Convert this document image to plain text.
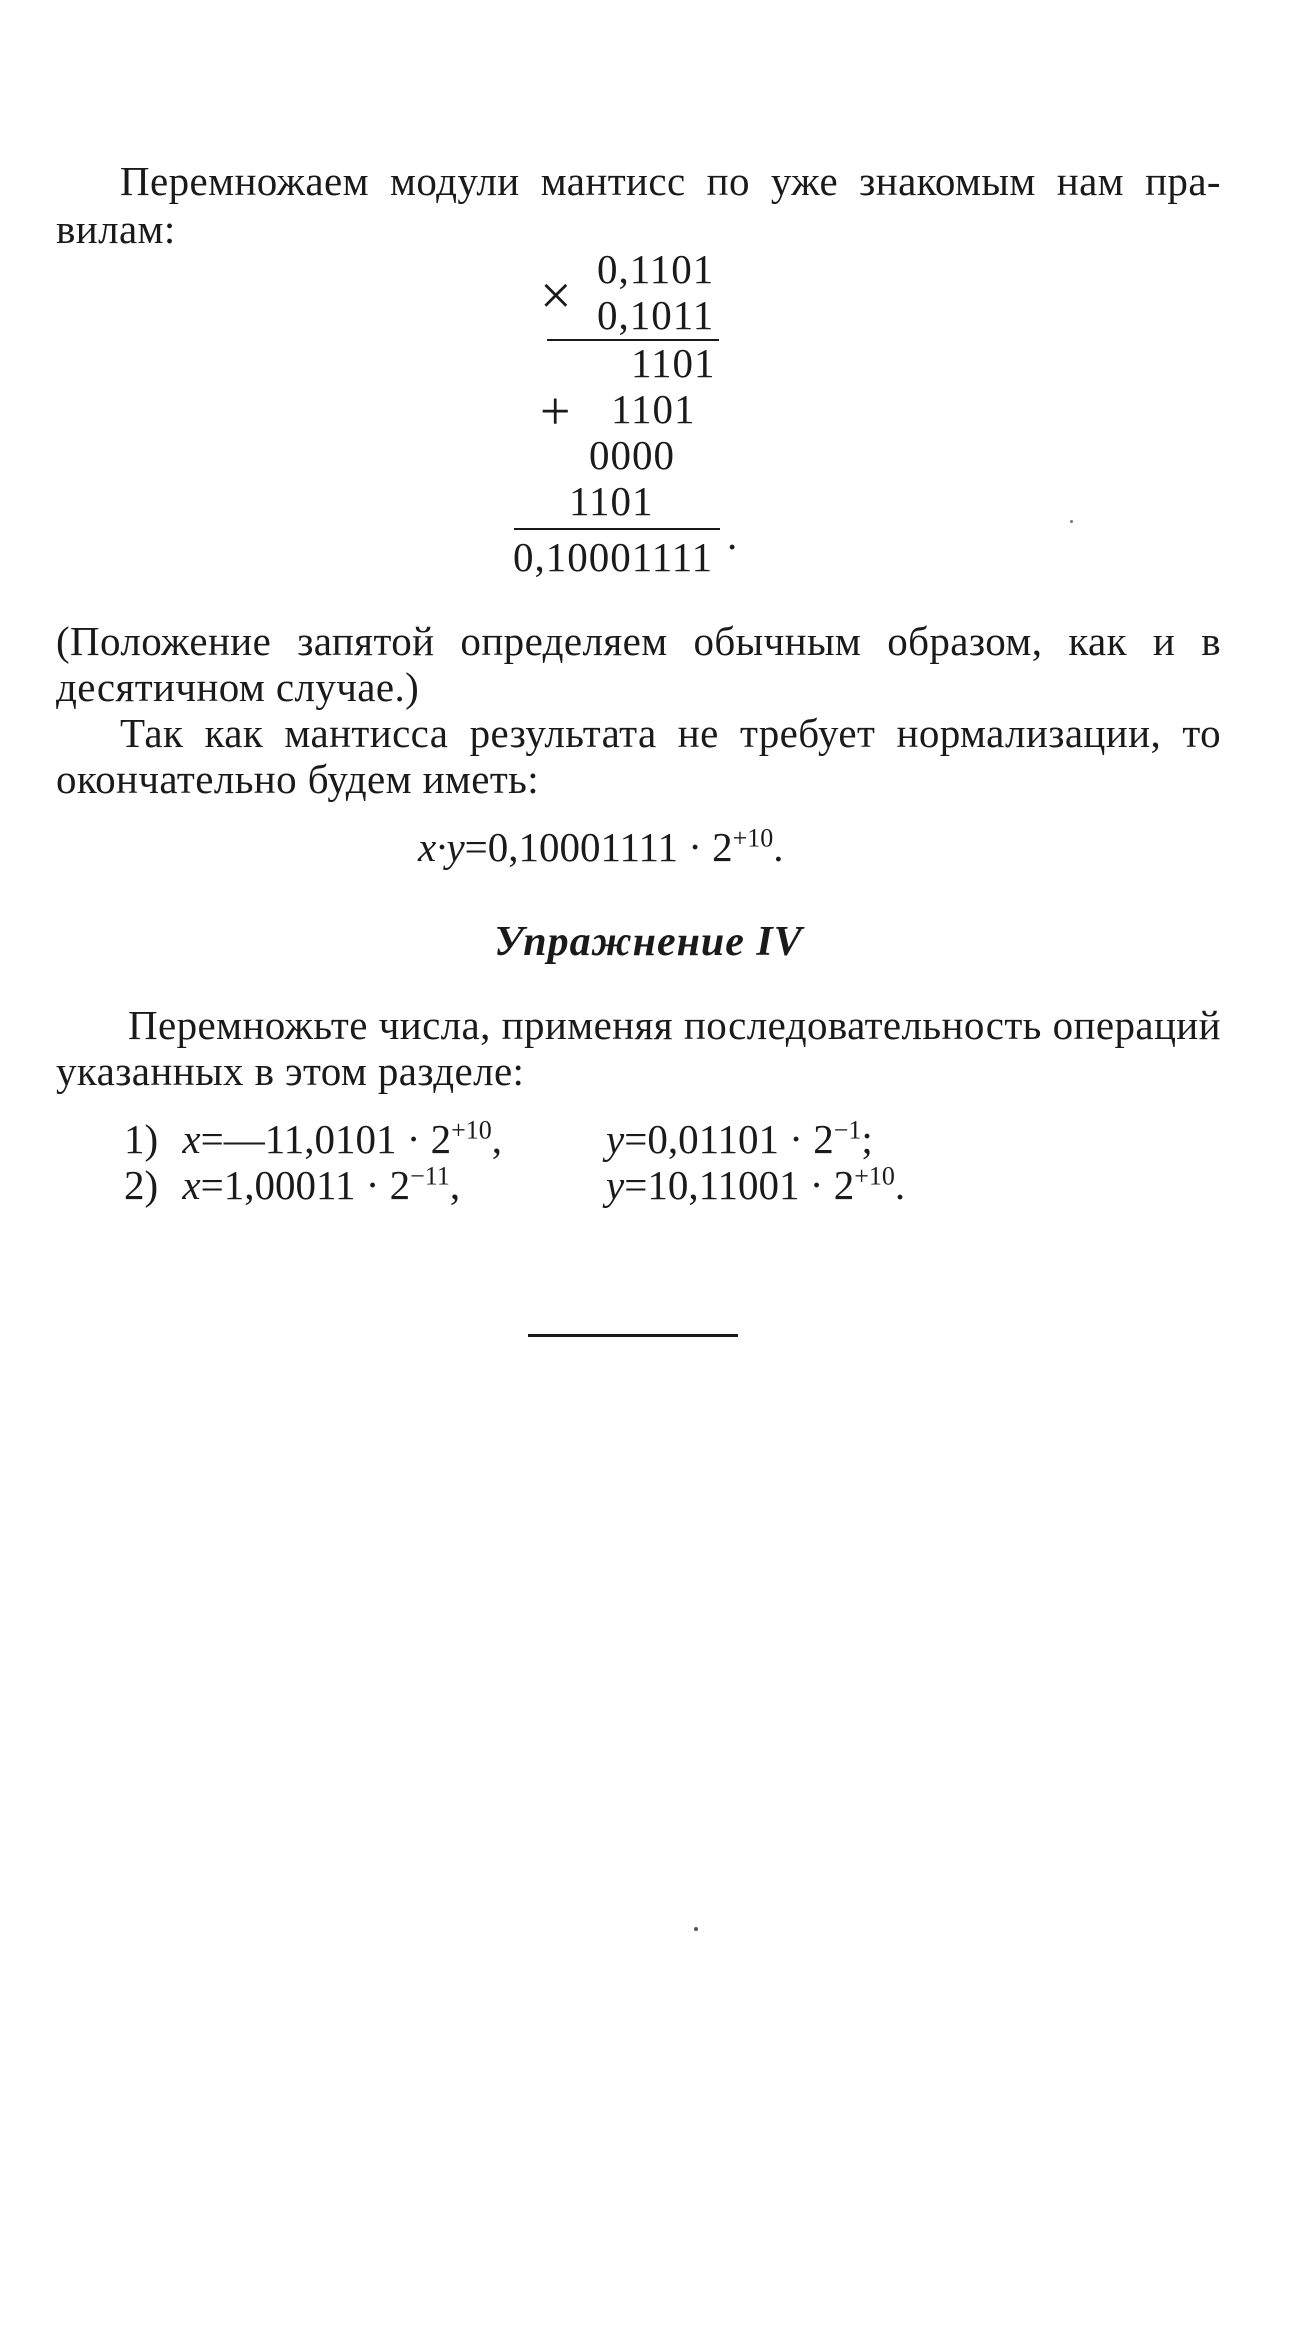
Перемножаем модули мантисс по уже знакомым нам пра-
вилам:
× 0,1101
0,1011
1101
+ 1101
0000
1101
0,10001111 .
(Положение запятой определяем обычным образом, как и в
десятичном случае.)
Так как мантисса результата не требует нормализации, то
окончательно будем иметь:
$x\cdot y=0,10001111 \cdot 2^{+10}$.
Упражнение IV
Перемножьте числа, применяя последовательность операций
указанных в этом разделе:
1) x=—11,0101 · $2^{+10}$,	$y=0,01101 \cdot 2^{-1}$;
2) $x=1,00011 \cdot 2^{-11}$,	$y=10,11001 \cdot 2^{+10}$.
